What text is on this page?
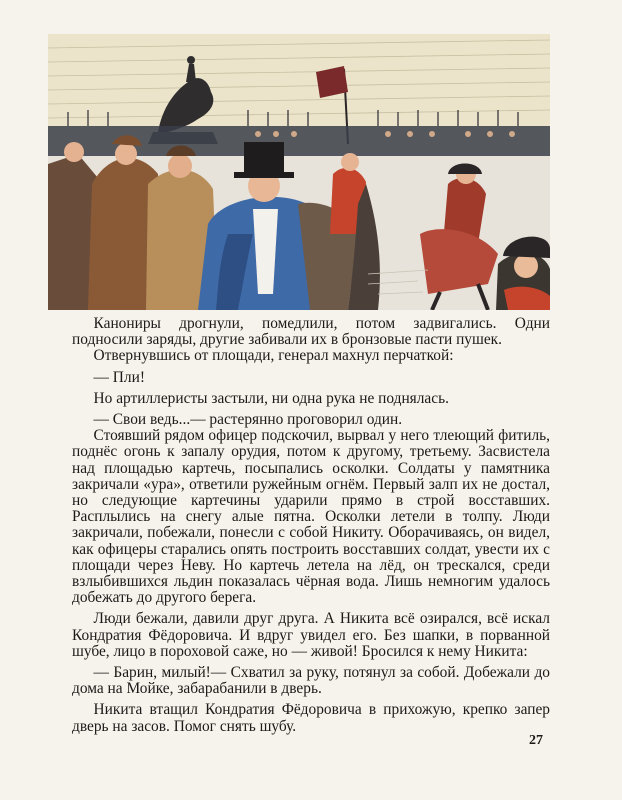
Канониры дрогнули, помедлили, потом задвигались. Одни подносили заряды, другие забивали их в бронзовые пасти пушек.

Отвернувшись от площади, генерал махнул перчаткой:

— Пли!

Но артиллеристы застыли, ни одна рука не поднялась.

— Свои ведь...— растерянно проговорил один.

Стоявший рядом офицер подскочил, вырвал у него тлеющий фитиль, поднёс огонь к запалу орудия, потом к другому, третьему. Засвистела над площадью картечь, посыпались осколки. Солдаты у памятника закричали «ура», ответили ружейным огнём. Первый залп их не достал, но следующие картечины ударили прямо в строй восставших. Расплылись на снегу алые пятна. Осколки летели в толпу. Люди закричали, побежали, понесли с собой Никиту. Оборачиваясь, он видел, как офицеры старались опять построить восставших солдат, увести их с площади через Неву. Но картечь летела на лёд, он трескался, среди взлыбившихся льдин показалась чёрная вода. Лишь немногим удалось добежать до другого берега.

Люди бежали, давили друг друга. А Никита всё озирался, всё искал Кондратия Фёдоровича. И вдруг увидел его. Без шапки, в порванной шубе, лицо в пороховой саже, но — живой! Бросился к нему Никита:

— Барин, милый!— Схватил за руку, потянул за собой. Добежали до дома на Мойке, забарабанили в дверь.

Никита втащил Кондратия Фёдоровича в прихожую, крепко запер дверь на засов. Помог снять шубу.

27
